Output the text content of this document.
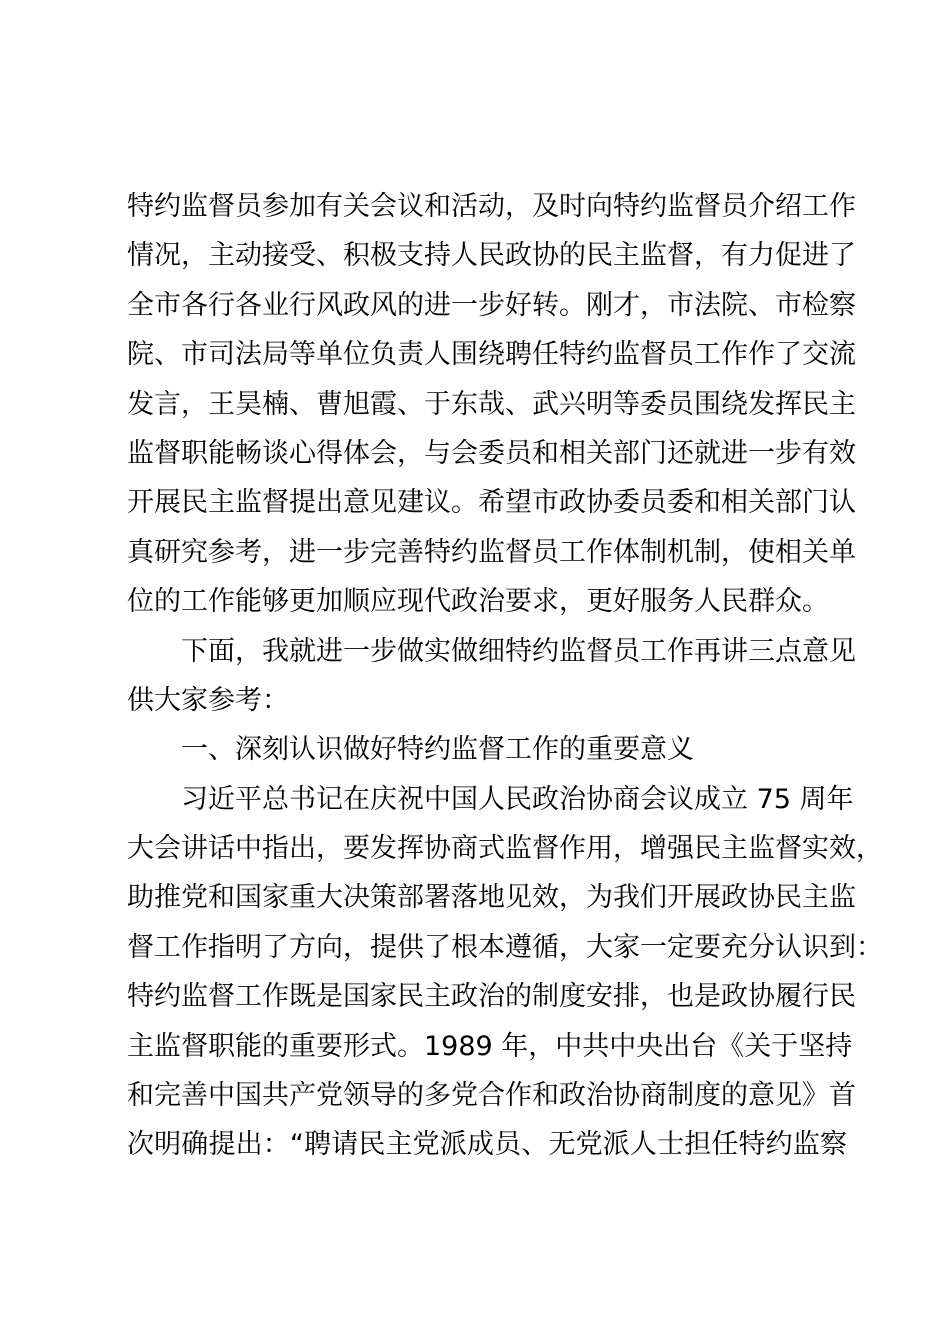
特约监督员参加有关会议和活动，及时向特约监督员介绍工作
情况，主动接受、积极支持人民政协的民主监督，有力促进了
全市各行各业行风政风的进一步好转。刚才，市法院、市检察
院、市司法局等单位负责人围绕聘任特约监督员工作作了交流
发言，王昊楠、曹旭霞、于东哉、武兴明等委员围绕发挥民主
监督职能畅谈心得体会，与会委员和相关部门还就进一步有效
开展民主监督提出意见建议。希望市政协委员委和相关部门认
真研究参考，进一步完善特约监督员工作体制机制，使相关单
位的工作能够更加顺应现代政治要求，更好服务人民群众。
下面，我就进一步做实做细特约监督员工作再讲三点意见
供大家参考：
一、深刻认识做好特约监督工作的重要意义
习近平总书记在庆祝中国人民政治协商会议成立 75 周年
大会讲话中指出，要发挥协商式监督作用，增强民主监督实效，
助推党和国家重大决策部署落地见效，为我们开展政协民主监
督工作指明了方向，提供了根本遵循，大家一定要充分认识到：
特约监督工作既是国家民主政治的制度安排，也是政协履行民
主监督职能的重要形式。1989 年，中共中央出台《关于坚持
和完善中国共产党领导的多党合作和政治协商制度的意见》首
次明确提出：“聘请民主党派成员、无党派人士担任特约监察
